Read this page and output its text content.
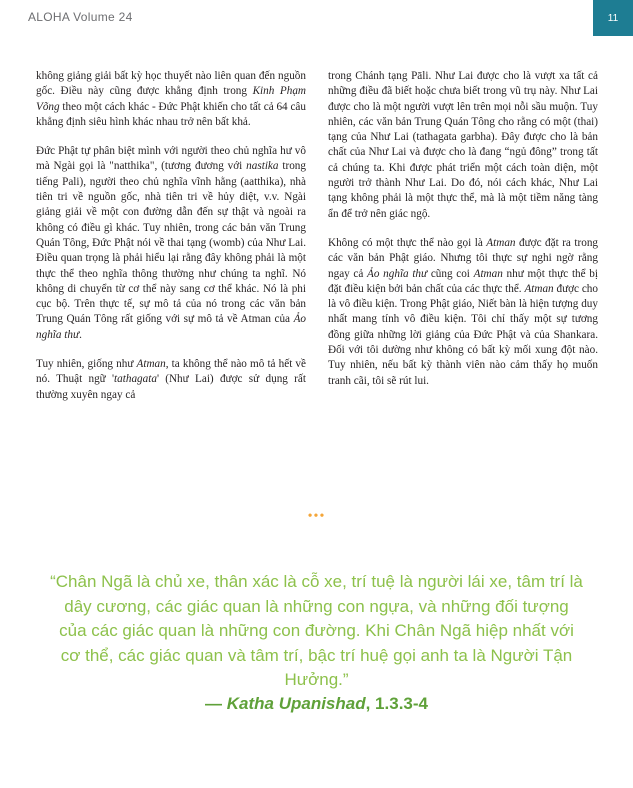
ALOHA Volume 24	11

không giảng giải bất kỳ học thuyết nào liên quan đến nguồn gốc. Điều này cũng được khẳng định trong Kinh Phạm Võng theo một cách khác - Đức Phật khiến cho tất cả 64 câu khẳng định siêu hình khác nhau trở nên bất khả.

Đức Phật tự phân biệt mình với người theo chủ nghĩa hư vô mà Ngài gọi là "natthika", (tương đương với nastika trong tiếng Pali), người theo chủ nghĩa vĩnh hằng (aatthika), nhà tiên tri về nguồn gốc, nhà tiên tri về hủy diệt, v.v. Ngài giảng giải về một con đường dẫn đến sự thật và ngoài ra không có điều gì khác. Tuy nhiên, trong các bản văn Trung Quán Tông, Đức Phật nói về thai tạng (womb) của Như Lai. Điều quan trọng là phải hiểu lại rằng đây không phải là một thực thể theo nghĩa thông thường như chúng ta nghĩ. Nó không di chuyển từ cơ thể này sang cơ thể khác. Nó là phi cục bộ. Trên thực tế, sự mô tả của nó trong các văn bản Trung Quán Tông rất giống với sự mô tả về Atman của Ảo nghĩa thư.

Tuy nhiên, giống như Atman, ta không thể nào mô tả hết về nó. Thuật ngữ 'tathagata' (Như Lai) được sử dụng rất thường xuyên ngay cả

trong Chánh tạng Pāli. Như Lai được cho là vượt xa tất cả những điều đã biết hoặc chưa biết trong vũ trụ này. Như Lai được cho là một người vượt lên trên mọi nỗi sầu muộn. Tuy nhiên, các văn bản Trung Quán Tông cho rằng có một (thai) tạng của Như Lai (tathagata garbha). Đây được cho là bản chất của Như Lai và được cho là đang “ngủ đông” trong tất cả chúng ta. Khi được phát triển một cách toàn diện, một người trở thành Như Lai. Do đó, nói cách khác, Như Lai tạng không phải là một thực thể, mà là một tiềm năng tàng ẩn để trở nên giác ngộ.

Không có một thực thể nào gọi là Atman được đặt ra trong các văn bản Phật giáo. Nhưng tôi thực sự nghi ngờ rằng ngay cả Ảo nghĩa thư cũng coi Atman như một thực thể bị đặt điều kiện bởi bản chất của các thực thể. Atman được cho là vô điều kiện. Trong Phật giáo, Niết bàn là hiện tượng duy nhất mang tính vô điều kiện. Tôi chỉ thấy một sự tương đồng giữa những lời giảng của Đức Phật và của Shankara. Đối với tôi dường như không có bất kỳ mối xung đột nào. Tuy nhiên, nếu bất kỳ thành viên nào cảm thấy họ muốn tranh cãi, tôi sẽ rút lui.

•••
“Chân Ngã là chủ xe, thân xác là cỗ xe, trí tuệ là người lái xe, tâm trí là dây cương, các giác quan là những con ngựa, và những đối tượng của các giác quan là những con đường. Khi Chân Ngã hiệp nhất với cơ thể, các giác quan và tâm trí, bậc trí huệ gọi anh ta là Người Tận Hưởng.”
— Katha Upanishad, 1.3.3-4
